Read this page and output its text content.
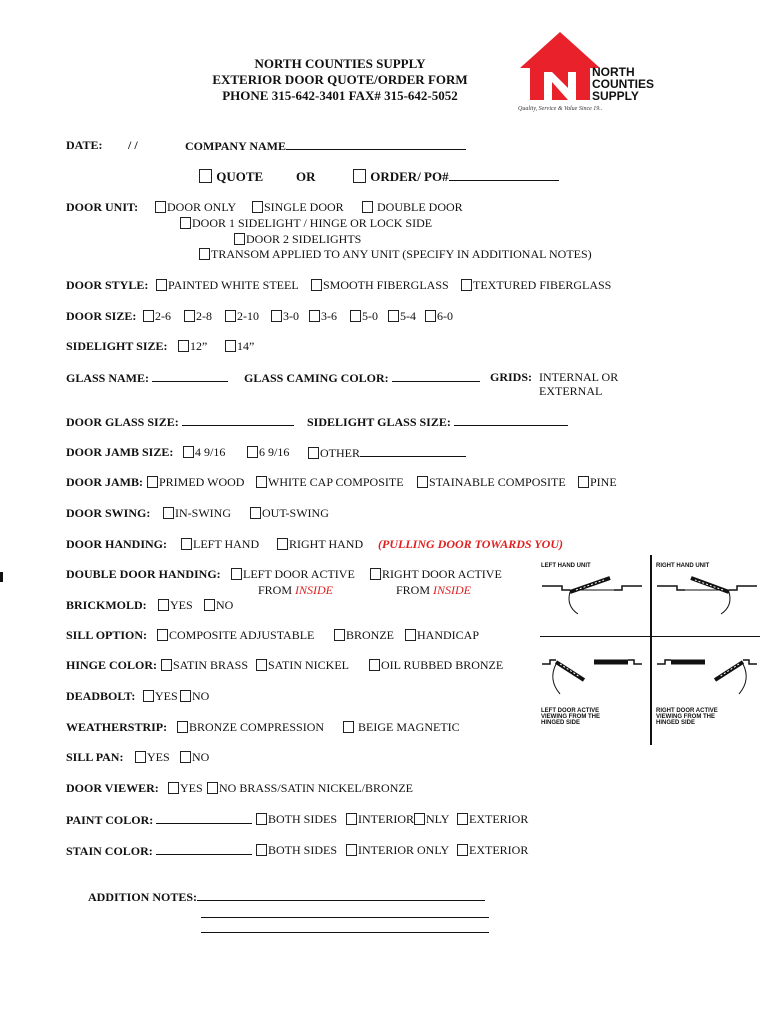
NORTH COUNTIES SUPPLY
EXTERIOR DOOR QUOTE/ORDER FORM
PHONE 315-642-3401 FAX# 315-642-5052
NORTH
COUNTIES
SUPPLY
Quality, Service & Value Since 19..
DATE: / /	COMPANY NAME
QUOTE	OR	ORDER/ PO#
DOOR UNIT:	DOOR ONLY	SINGLE DOOR	DOUBLE DOOR
DOOR 1 SIDELIGHT / HINGE OR LOCK SIDE
DOOR 2 SIDELIGHTS
TRANSOM APPLIED TO ANY UNIT (SPECIFY IN ADDITIONAL NOTES)
DOOR STYLE:	PAINTED WHITE STEEL	SMOOTH FIBERGLASS	TEXTURED FIBERGLASS
DOOR SIZE:	2-6	2-8	2-10	3-0	3-6	5-0	5-4	6-0
SIDELIGHT SIZE:	12”	14”
GLASS NAME:	GLASS CAMING COLOR:	GRIDS: INTERNAL OR
EXTERNAL
DOOR GLASS SIZE:	SIDELIGHT GLASS SIZE:
DOOR JAMB SIZE:	4 9/16	6 9/16	OTHER
DOOR JAMB:	PRIMED WOOD	WHITE CAP COMPOSITE	STAINABLE COMPOSITE	PINE
DOOR SWING:	IN-SWING	OUT-SWING
DOOR HANDING:	LEFT HAND	RIGHT HAND (PULLING DOOR TOWARDS YOU)
DOUBLE DOOR HANDING:	LEFT DOOR ACTIVE	RIGHT DOOR ACTIVE
FROM INSIDE	FROM INSIDE
BRICKMOLD:	YES	NO
SILL OPTION:	COMPOSITE ADJUSTABLE	BRONZE	HANDICAP
HINGE COLOR:	SATIN BRASS	SATIN NICKEL	OIL RUBBED BRONZE
DEADBOLT:	YES	NO
WEATHERSTRIP:	BRONZE COMPRESSION	BEIGE MAGNETIC
SILL PAN:	YES	NO
DOOR VIEWER:	YES	NO BRASS/SATIN NICKEL/BRONZE
PAINT COLOR:	BOTH SIDES	INTERIOR NLY	EXTERIOR
STAIN COLOR:	BOTH SIDES	INTERIOR ONLY	EXTERIOR
ADDITION NOTES:
LEFT HAND UNIT	RIGHT HAND UNIT
LEFT DOOR ACTIVE
VIEWING FROM THE
HINGED SIDE
RIGHT DOOR ACTIVE
VIEWING FROM THE
HINGED SIDE
